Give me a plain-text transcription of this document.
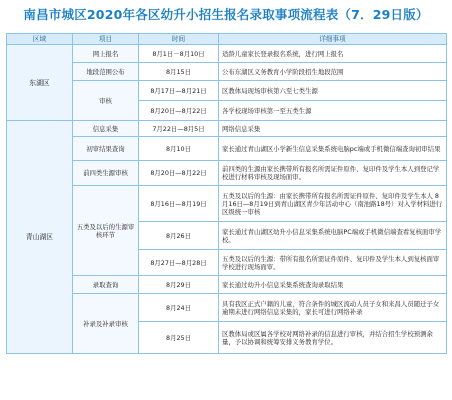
南昌市城区2020年各区幼升小招生报名录取事项流程表（7．29日版）
区域	项目	时间	详细事项
东湖区	网上报名	8月1日－8月10日	适龄儿童家长登录报名系统，进行网上报名
	地段范围公布	8月15日	公布东湖区义务教育小学阶段招生地段范围
	审核	8月17日—8月21日	区教体局现场审核第六至七类生源
		8月20日—8月22日	各学校现场审核第一至五类生源
青山湖区	信息采集	7月22日—8月5日	网络信息采集
	初审结果查询	8月10日	家长通过青山湖区小学新生信息采集系统电脑pc端或手机微信端查询初审结果
	前四类生源审核	8月20日—8月22日	前四类的生源由家长携带所有报名所需证件原件、复印件及学生本人到登记学校进行材料审核及现场面审。
	五类及以后的生源审核环节	8月16日—8月19日	五类及以后的生源：由家长携带所有报名所需证件原件、复印件及学生本人 8月16日—8月19日到青山湖区青少年活动中心（南池路18号）对入学材料进行 区级统一审核
		8月26日	家长通过青山湖区幼升小信息采集系统电脑PC端或手机微信端查看复核面审学校。
		8月27日—8月28日	五类及以后的生源：带所有报名所需证件原件、复印件及学生本人到复核面审学校进行现场面审。
	录取查询	8月29日	家长通过幼升小信息采集系统查询录取结果
	补录及补录审核	8月24日	具有我区正式户籍的儿童，符合条件的城区流动人员子女和来昌人员随迁子女逾期未进行网络信息采集的，家长可进行网络补录
		8月25日	区教体局或区属各学校对网络补录的信息进行审核，并结合招生学校预测余量，予以协调和统筹安排义务教育学位。
